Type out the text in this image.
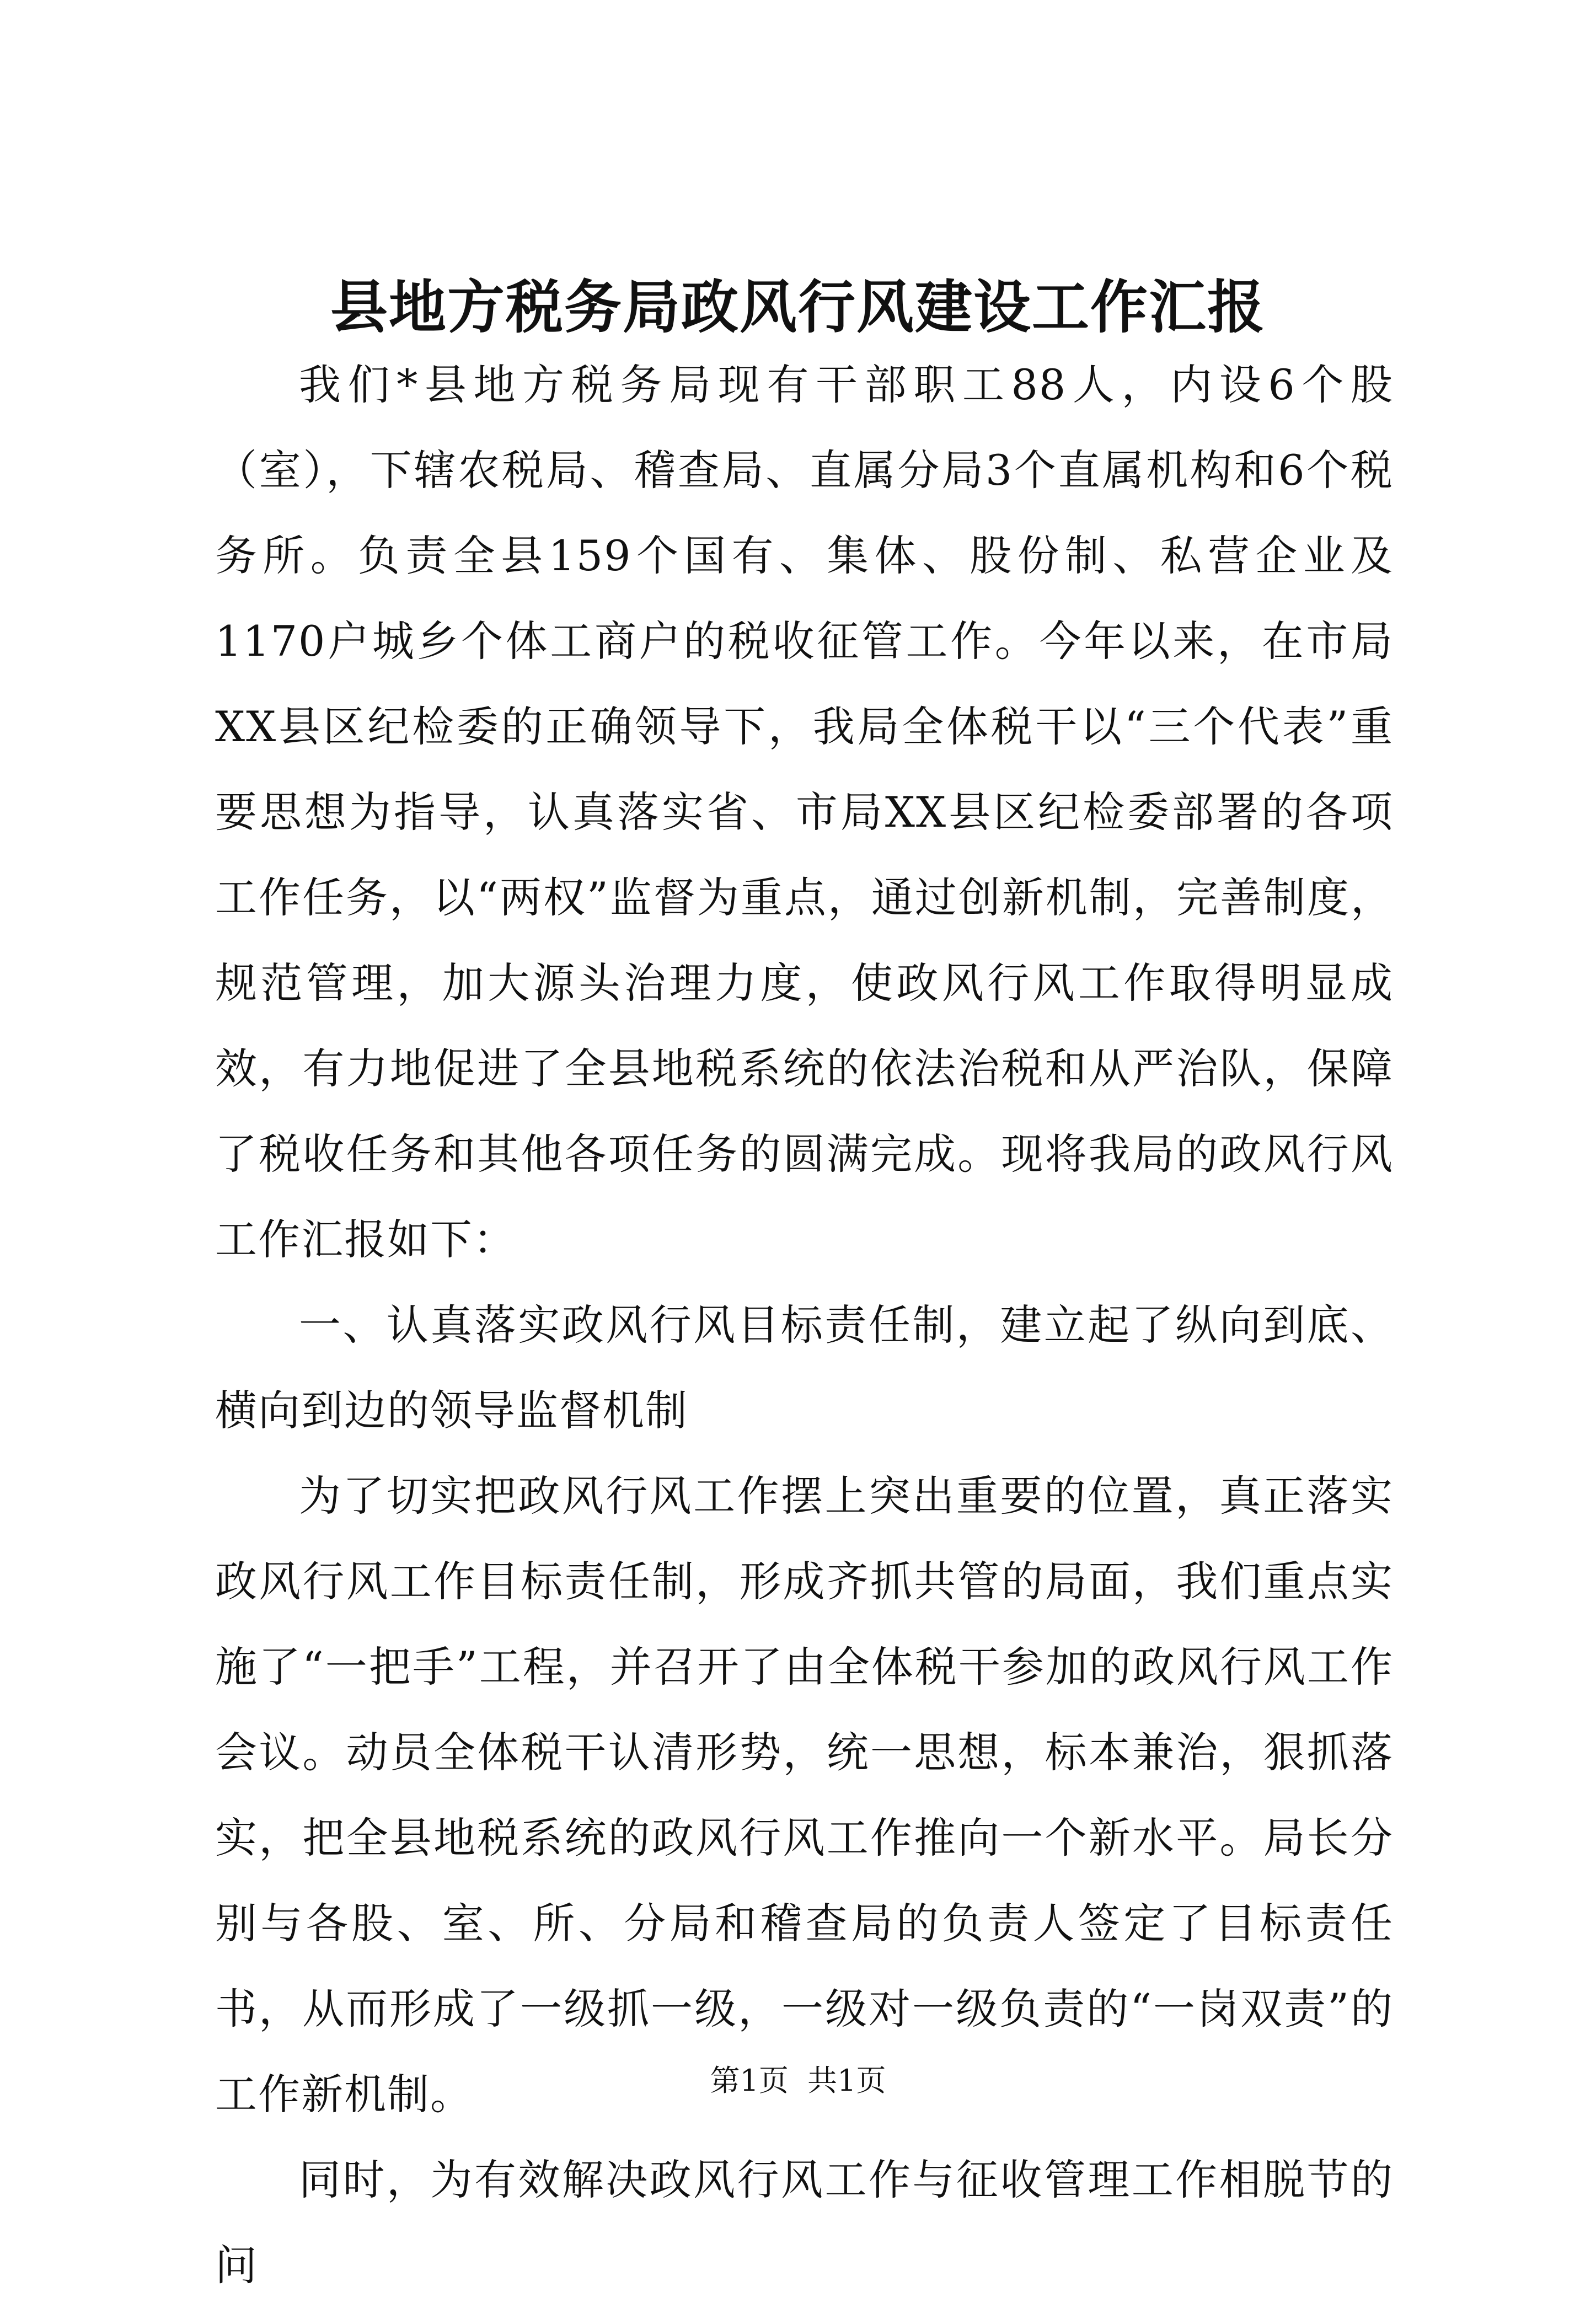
县地方税务局政风行风建设工作汇报

我们*县地方税务局现有干部职工88人，内设6个股（室），下辖农税局、稽查局、直属分局3个直属机构和6个税务所。负责全县159个国有、集体、股份制、私营企业及1170户城乡个体工商户的税收征管工作。今年以来，在市局XX县区纪检委的正确领导下，我局全体税干以“三个代表”重要思想为指导，认真落实省、市局XX县区纪检委部署的各项工作任务，以“两权”监督为重点，通过创新机制，完善制度，规范管理，加大源头治理力度，使政风行风工作取得明显成效，有力地促进了全县地税系统的依法治税和从严治队，保障了税收任务和其他各项任务的圆满完成。现将我局的政风行风工作汇报如下：

一、认真落实政风行风目标责任制，建立起了纵向到底、横向到边的领导监督机制

为了切实把政风行风工作摆上突出重要的位置，真正落实政风行风工作目标责任制，形成齐抓共管的局面，我们重点实施了“一把手”工程，并召开了由全体税干参加的政风行风工作会议。动员全体税干认清形势，统一思想，标本兼治，狠抓落实，把全县地税系统的政风行风工作推向一个新水平。局长分别与各股、室、所、分局和稽查局的负责人签定了目标责任书，从而形成了一级抓一级，一级对一级负责的“一岗双责”的工作新机制。

同时，为有效解决政风行风工作与征收管理工作相脱节的问

第1页 共1页
